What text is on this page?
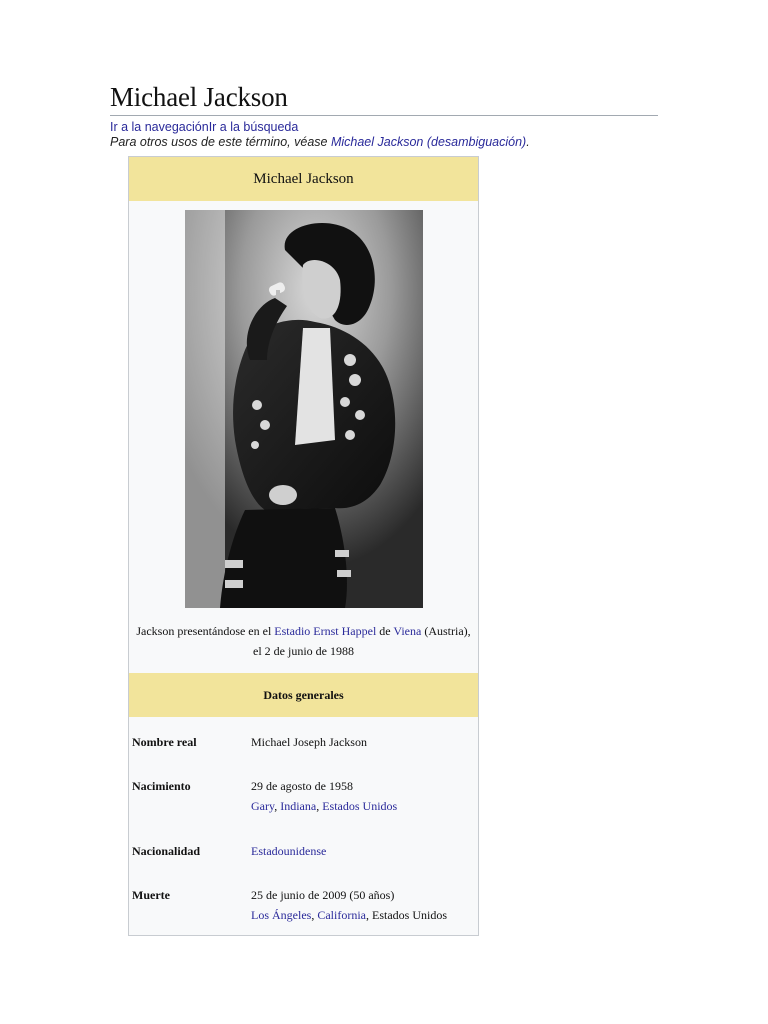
Michael Jackson
Ir a la navegaciónIr a la búsqueda
Para otros usos de este término, véase Michael Jackson (desambiguación).
Michael Jackson
Jackson presentándose en el Estadio Ernst Happel de Viena (Austria),
el 2 de junio de 1988
Datos generales
Nombre real	Michael Joseph Jackson
Nacimiento	29 de agosto de 1958
Gary, Indiana, Estados Unidos
Nacionalidad	Estadounidense
Muerte	25 de junio de 2009 (50 años)
Los Ángeles, California, Estados Unidos
